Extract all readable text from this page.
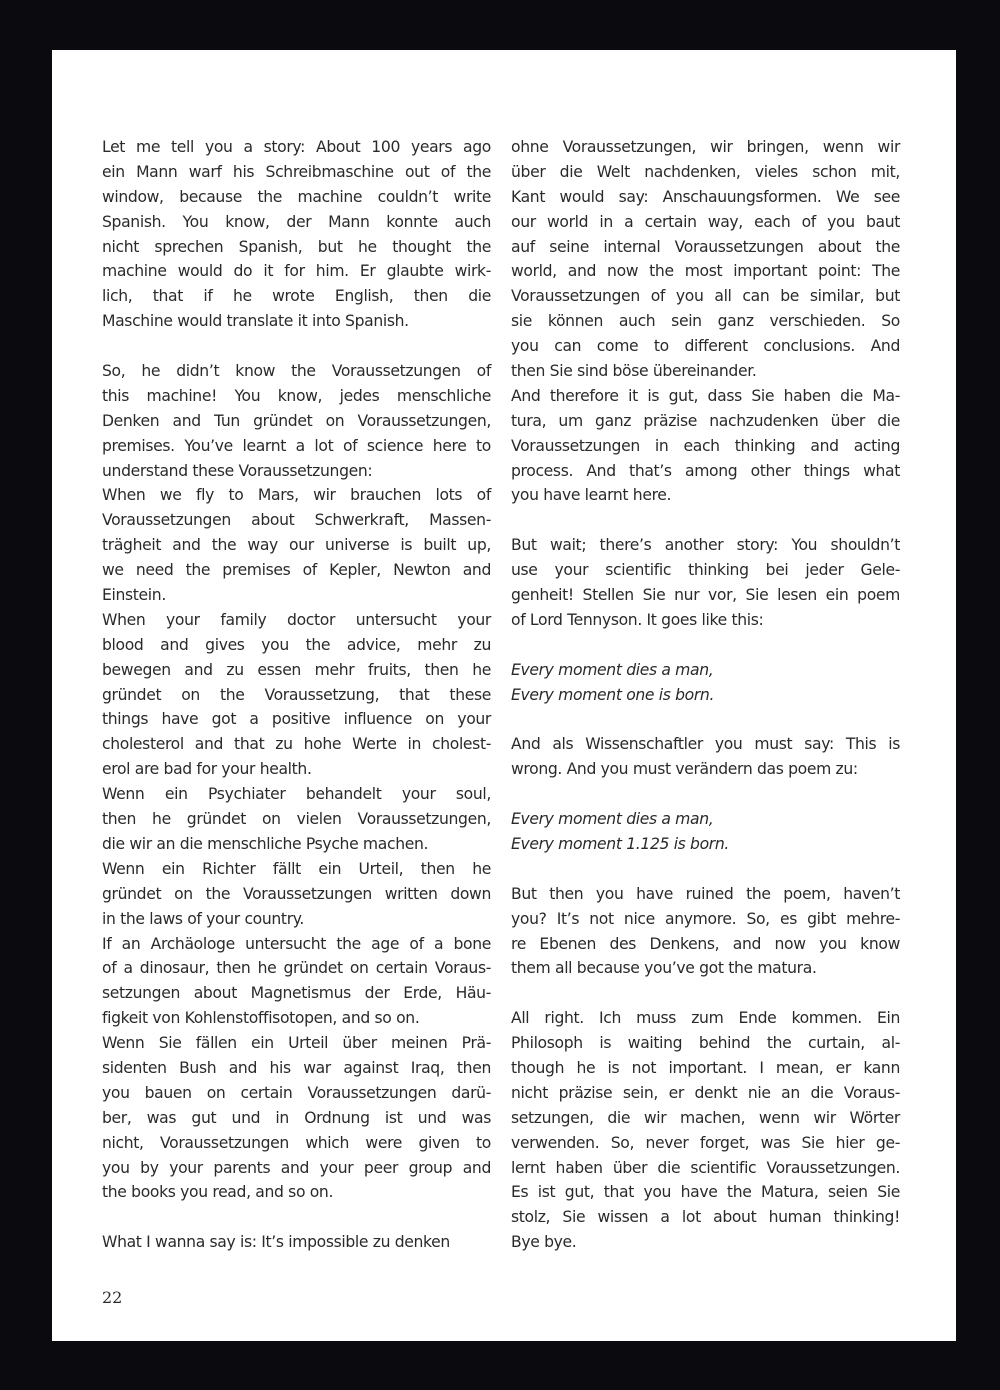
Let me tell you a story: About 100 years ago
ein Mann warf his Schreibmaschine out of the
window, because the machine couldn’t write
Spanish. You know, der Mann konnte auch
nicht sprechen Spanish, but he thought the
machine would do it for him. Er glaubte wirk-
lich, that if he wrote English, then die
Maschine would translate it into Spanish.
So, he didn’t know the Voraussetzungen of
this machine! You know, jedes menschliche
Denken and Tun gründet on Voraussetzungen,
premises. You’ve learnt a lot of science here to
understand these Voraussetzungen:
When we fly to Mars, wir brauchen lots of
Voraussetzungen about Schwerkraft, Massen-
trägheit and the way our universe is built up,
we need the premises of Kepler, Newton and
Einstein.
When your family doctor untersucht your
blood and gives you the advice, mehr zu
bewegen and zu essen mehr fruits, then he
gründet on the Voraussetzung, that these
things have got a positive influence on your
cholesterol and that zu hohe Werte in cholest-
erol are bad for your health.
Wenn ein Psychiater behandelt your soul,
then he gründet on vielen Voraussetzungen,
die wir an die menschliche Psyche machen.
Wenn ein Richter fällt ein Urteil, then he
gründet on the Voraussetzungen written down
in the laws of your country.
If an Archäologe untersucht the age of a bone
of a dinosaur, then he gründet on certain Voraus-
setzungen about Magnetismus der Erde, Häu-
figkeit von Kohlenstoffisotopen, and so on.
Wenn Sie fällen ein Urteil über meinen Prä-
sidenten Bush and his war against Iraq, then
you bauen on certain Voraussetzungen darü-
ber, was gut und in Ordnung ist und was
nicht, Voraussetzungen which were given to
you by your parents and your peer group and
the books you read, and so on.
What I wanna say is: It’s impossible zu denken
ohne Voraussetzungen, wir bringen, wenn wir
über die Welt nachdenken, vieles schon mit,
Kant would say: Anschauungsformen. We see
our world in a certain way, each of you baut
auf seine internal Voraussetzungen about the
world, and now the most important point: The
Voraussetzungen of you all can be similar, but
sie können auch sein ganz verschieden. So
you can come to different conclusions. And
then Sie sind böse übereinander.
And therefore it is gut, dass Sie haben die Ma-
tura, um ganz präzise nachzudenken über die
Voraussetzungen in each thinking and acting
process. And that’s among other things what
you have learnt here.
But wait; there’s another story: You shouldn’t
use your scientific thinking bei jeder Gele-
genheit! Stellen Sie nur vor, Sie lesen ein poem
of Lord Tennyson. It goes like this:
Every moment dies a man,
Every moment one is born.
And als Wissenschaftler you must say: This is
wrong. And you must verändern das poem zu:
Every moment dies a man,
Every moment 1.125 is born.
But then you have ruined the poem, haven’t
you? It’s not nice anymore. So, es gibt mehre-
re Ebenen des Denkens, and now you know
them all because you’ve got the matura.
All right. Ich muss zum Ende kommen. Ein
Philosoph is waiting behind the curtain, al-
though he is not important. I mean, er kann
nicht präzise sein, er denkt nie an die Voraus-
setzungen, die wir machen, wenn wir Wörter
verwenden. So, never forget, was Sie hier ge-
lernt haben über die scientific Voraussetzungen.
Es ist gut, that you have the Matura, seien Sie
stolz, Sie wissen a lot about human thinking!
Bye bye.
22
